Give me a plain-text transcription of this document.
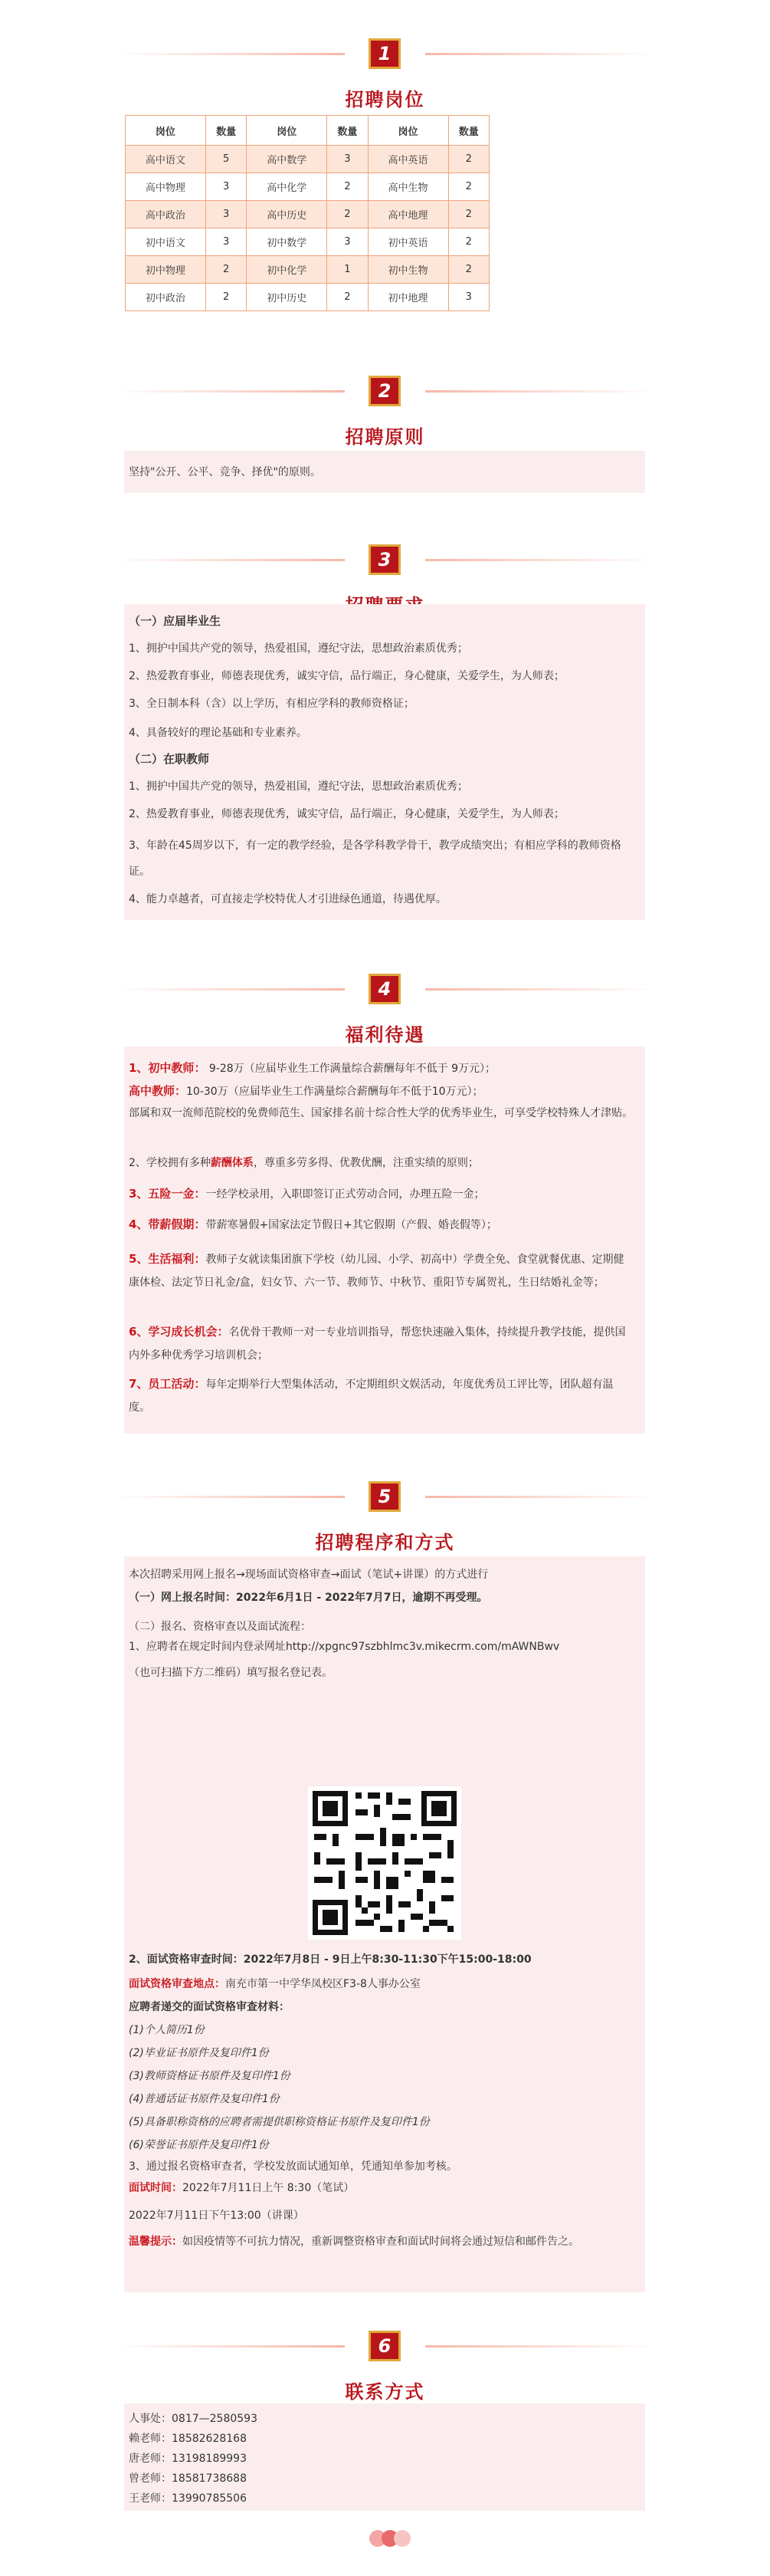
1
招聘岗位
岗位	数量	岗位	数量	岗位	数量
高中语文	5	高中数学	3	高中英语	2
高中物理	3	高中化学	2	高中生物	2
高中政治	3	高中历史	2	高中地理	2
初中语文	3	初中数学	3	初中英语	2
初中物理	2	初中化学	1	初中生物	2
初中政治	2	初中历史	2	初中地理	3
2
招聘原则

坚持"公开、公平、竞争、择优"的原则。

3

（一）应届毕业生

1、拥护中国共产党的领导，热爱祖国，遵纪守法，思想政治素质优秀；

2、热爱教育事业，师德表现优秀，诚实守信，品行端正，身心健康，关爱学生，为人师表；

3、全日制本科（含）以上学历，有相应学科的教师资格证；

4、具备较好的理论基础和专业素养。

（二）在职教师

1、拥护中国共产党的领导，热爱祖国，遵纪守法，思想政治素质优秀；

2、热爱教育事业，师德表现优秀，诚实守信，品行端正，身心健康，关爱学生，为人师表；

3、年龄在45周岁以下，有一定的教学经验，是各学科教学骨干，教学成绩突出；有相应学科的教师资格证。

4、能力卓越者，可直接走学校特优人才引进绿色通道，待遇优厚。

4
福利待遇

1、初中教师： 9-28万（应届毕业生工作满量综合薪酬每年不低于 9万元）；

高中教师：10-30万（应届毕业生工作满量综合薪酬每年不低于10万元）；

部属和双一流师范院校的免费师范生、国家排名前十综合性大学的优秀毕业生，可享受学校特殊人才津贴。

2、学校拥有多种薪酬体系，尊重多劳多得、优教优酬，注重实绩的原则；

3、五险一金：一经学校录用，入职即签订正式劳动合同，办理五险一金；

4、带薪假期：带薪寒暑假+国家法定节假日+其它假期（产假、婚丧假等）；

5、生活福利：教师子女就读集团旗下学校（幼儿园、小学、初高中）学费全免、食堂就餐优惠、定期健康体检、法定节日礼金/盒，妇女节、六一节、教师节、中秋节、重阳节专属贺礼，生日结婚礼金等；

6、学习成长机会：名优骨干教师一对一专业培训指导，帮您快速融入集体，持续提升教学技能，提供国内外多种优秀学习培训机会；

7、员工活动：每年定期举行大型集体活动，不定期组织文娱活动，年度优秀员工评比等，团队超有温度。

5
招聘程序和方式

本次招聘采用网上报名→现场面试资格审查→面试（笔试+讲课）的方式进行

（一）网上报名时间：2022年6月1日 - 2022年7月7日，逾期不再受理。

（二）报名、资格审查以及面试流程：

1、应聘者在规定时间内登录网址http://xpgnc97szbhlmc3v.mikecrm.com/mAWNBwv

（也可扫描下方二维码）填写报名登记表。

2、面试资格审查时间：2022年7月8日 - 9日上午8:30-11:30下午15:00-18:00

面试资格审查地点：南充市第一中学华凤校区F3-8人事办公室

应聘者递交的面试资格审查材料：

(1)个人简历1份

(2)毕业证书原件及复印件1份

(3)教师资格证书原件及复印件1份

(4)普通话证书原件及复印件1份

(5)具备职称资格的应聘者需提供职称资格证书原件及复印件1份

(6)荣誉证书原件及复印件1份

3、通过报名资格审查者，学校发放面试通知单，凭通知单参加考核。

面试时间：2022年7月11日上午 8:30（笔试）

2022年7月11日下午13:00（讲课）

温馨提示：如因疫情等不可抗力情况，重新调整资格审查和面试时间将会通过短信和邮件告之。

6
联系方式

人事处：0817—2580593

赖老师：18582628168

唐老师：13198189993

曾老师：18581738688

王老师：13990785506
